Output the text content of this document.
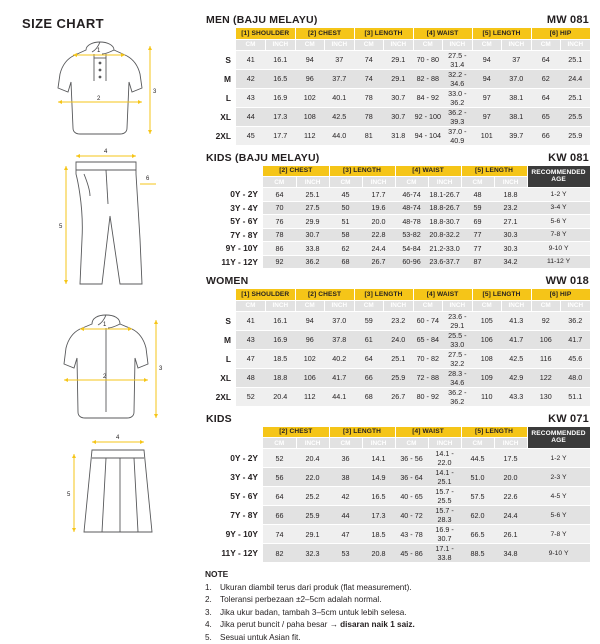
SIZE CHART
1
2
3
4
5
6
1
2
3
4
5
MEN (BAJU MELAYU)	MW 081
	[1] SHOULDER		[2] CHEST		[3] LENGTH		[4] WAIST		[5] LENGTH		[6] HIP	
	CM	INCH	CM	INCH	CM	INCH	CM	INCH	CM	INCH	CM	INCH
S	41	16.1	94	37	74	29.1	70 - 80	27.5 - 31.4	94	37	64	25.1
M	42	16.5	96	37.7	74	29.1	82 - 88	32.2 - 34.6	94	37.0	62	24.4
L	43	16.9	102	40.1	78	30.7	84 - 92	33.0 - 36.2	97	38.1	64	25.1
XL	44	17.3	108	42.5	78	30.7	92 - 100	36.2 - 39.3	97	38.1	65	25.5
2XL	45	17.7	112	44.0	81	31.8	94 - 104	37.0 - 40.9	101	39.7	66	25.9
KIDS (BAJU MELAYU)	KW 081
	[2] CHEST		[3] LENGTH		[4] WAIST		[5] LENGTH		RECOMMENDED AGE
	CM	INCH	CM	INCH	CM	INCH	CM	INCH	
0Y - 2Y	64	25.1	45	17.7	46-74	18.1-26.7	48	18.8	1-2 Y
3Y - 4Y	70	27.5	50	19.6	48-74	18.8-26.7	59	23.2	3-4 Y
5Y - 6Y	76	29.9	51	20.0	48-78	18.8-30.7	69	27.1	5-6 Y
7Y - 8Y	78	30.7	58	22.8	53-82	20.8-32.2	77	30.3	7-8 Y
9Y - 10Y	86	33.8	62	24.4	54-84	21.2-33.0	77	30.3	9-10 Y
11Y - 12Y	92	36.2	68	26.7	60-96	23.6-37.7	87	34.2	11-12 Y
WOMEN	WW 018
	[1] SHOULDER		[2] CHEST		[3] LENGTH		[4] WAIST		[5] LENGTH		[6] HIP	
	CM	INCH	CM	INCH	CM	INCH	CM	INCH	CM	INCH	CM	INCH
S	41	16.1	94	37.0	59	23.2	60 - 74	23.6 - 29.1	105	41.3	92	36.2
M	43	16.9	96	37.8	61	24.0	65 - 84	25.5 - 33.0	106	41.7	106	41.7
L	47	18.5	102	40.2	64	25.1	70 - 82	27.5 - 32.2	108	42.5	116	45.6
XL	48	18.8	106	41.7	66	25.9	72 - 88	28.3 - 34.6	109	42.9	122	48.0
2XL	52	20.4	112	44.1	68	26.7	80 - 92	36.2 - 36.2	110	43.3	130	51.1
KIDS	KW 071
	[2] CHEST		[3] LENGTH		[4] WAIST		[5] LENGTH		RECOMMENDED AGE
	CM	INCH	CM	INCH	CM	INCH	CM	INCH	
0Y - 2Y	52	20.4	36	14.1	36 - 56	14.1 - 22.0	44.5	17.5	1-2 Y
3Y - 4Y	56	22.0	38	14.9	36 - 64	14.1 - 25.1	51.0	20.0	2-3 Y
5Y - 6Y	64	25.2	42	16.5	40 - 65	15.7 - 25.5	57.5	22.6	4-5 Y
7Y - 8Y	66	25.9	44	17.3	40 - 72	15.7 - 28.3	62.0	24.4	5-6 Y
9Y - 10Y	74	29.1	47	18.5	43 - 78	16.9 - 30.7	66.5	26.1	7-8 Y
11Y - 12Y	82	32.3	53	20.8	45 - 86	17.1 - 33.8	88.5	34.8	9-10 Y
NOTE
1. Ukuran diambil terus dari produk (flat measurement).
2. Toleransi perbezaan ±2–5cm adalah normal.
3. Jika ukur badan, tambah 3–5cm untuk lebih selesa.
4. Jika perut buncit / paha besar → disaran naik 1 saiz.
5. Sesuai untuk Asian fit.
